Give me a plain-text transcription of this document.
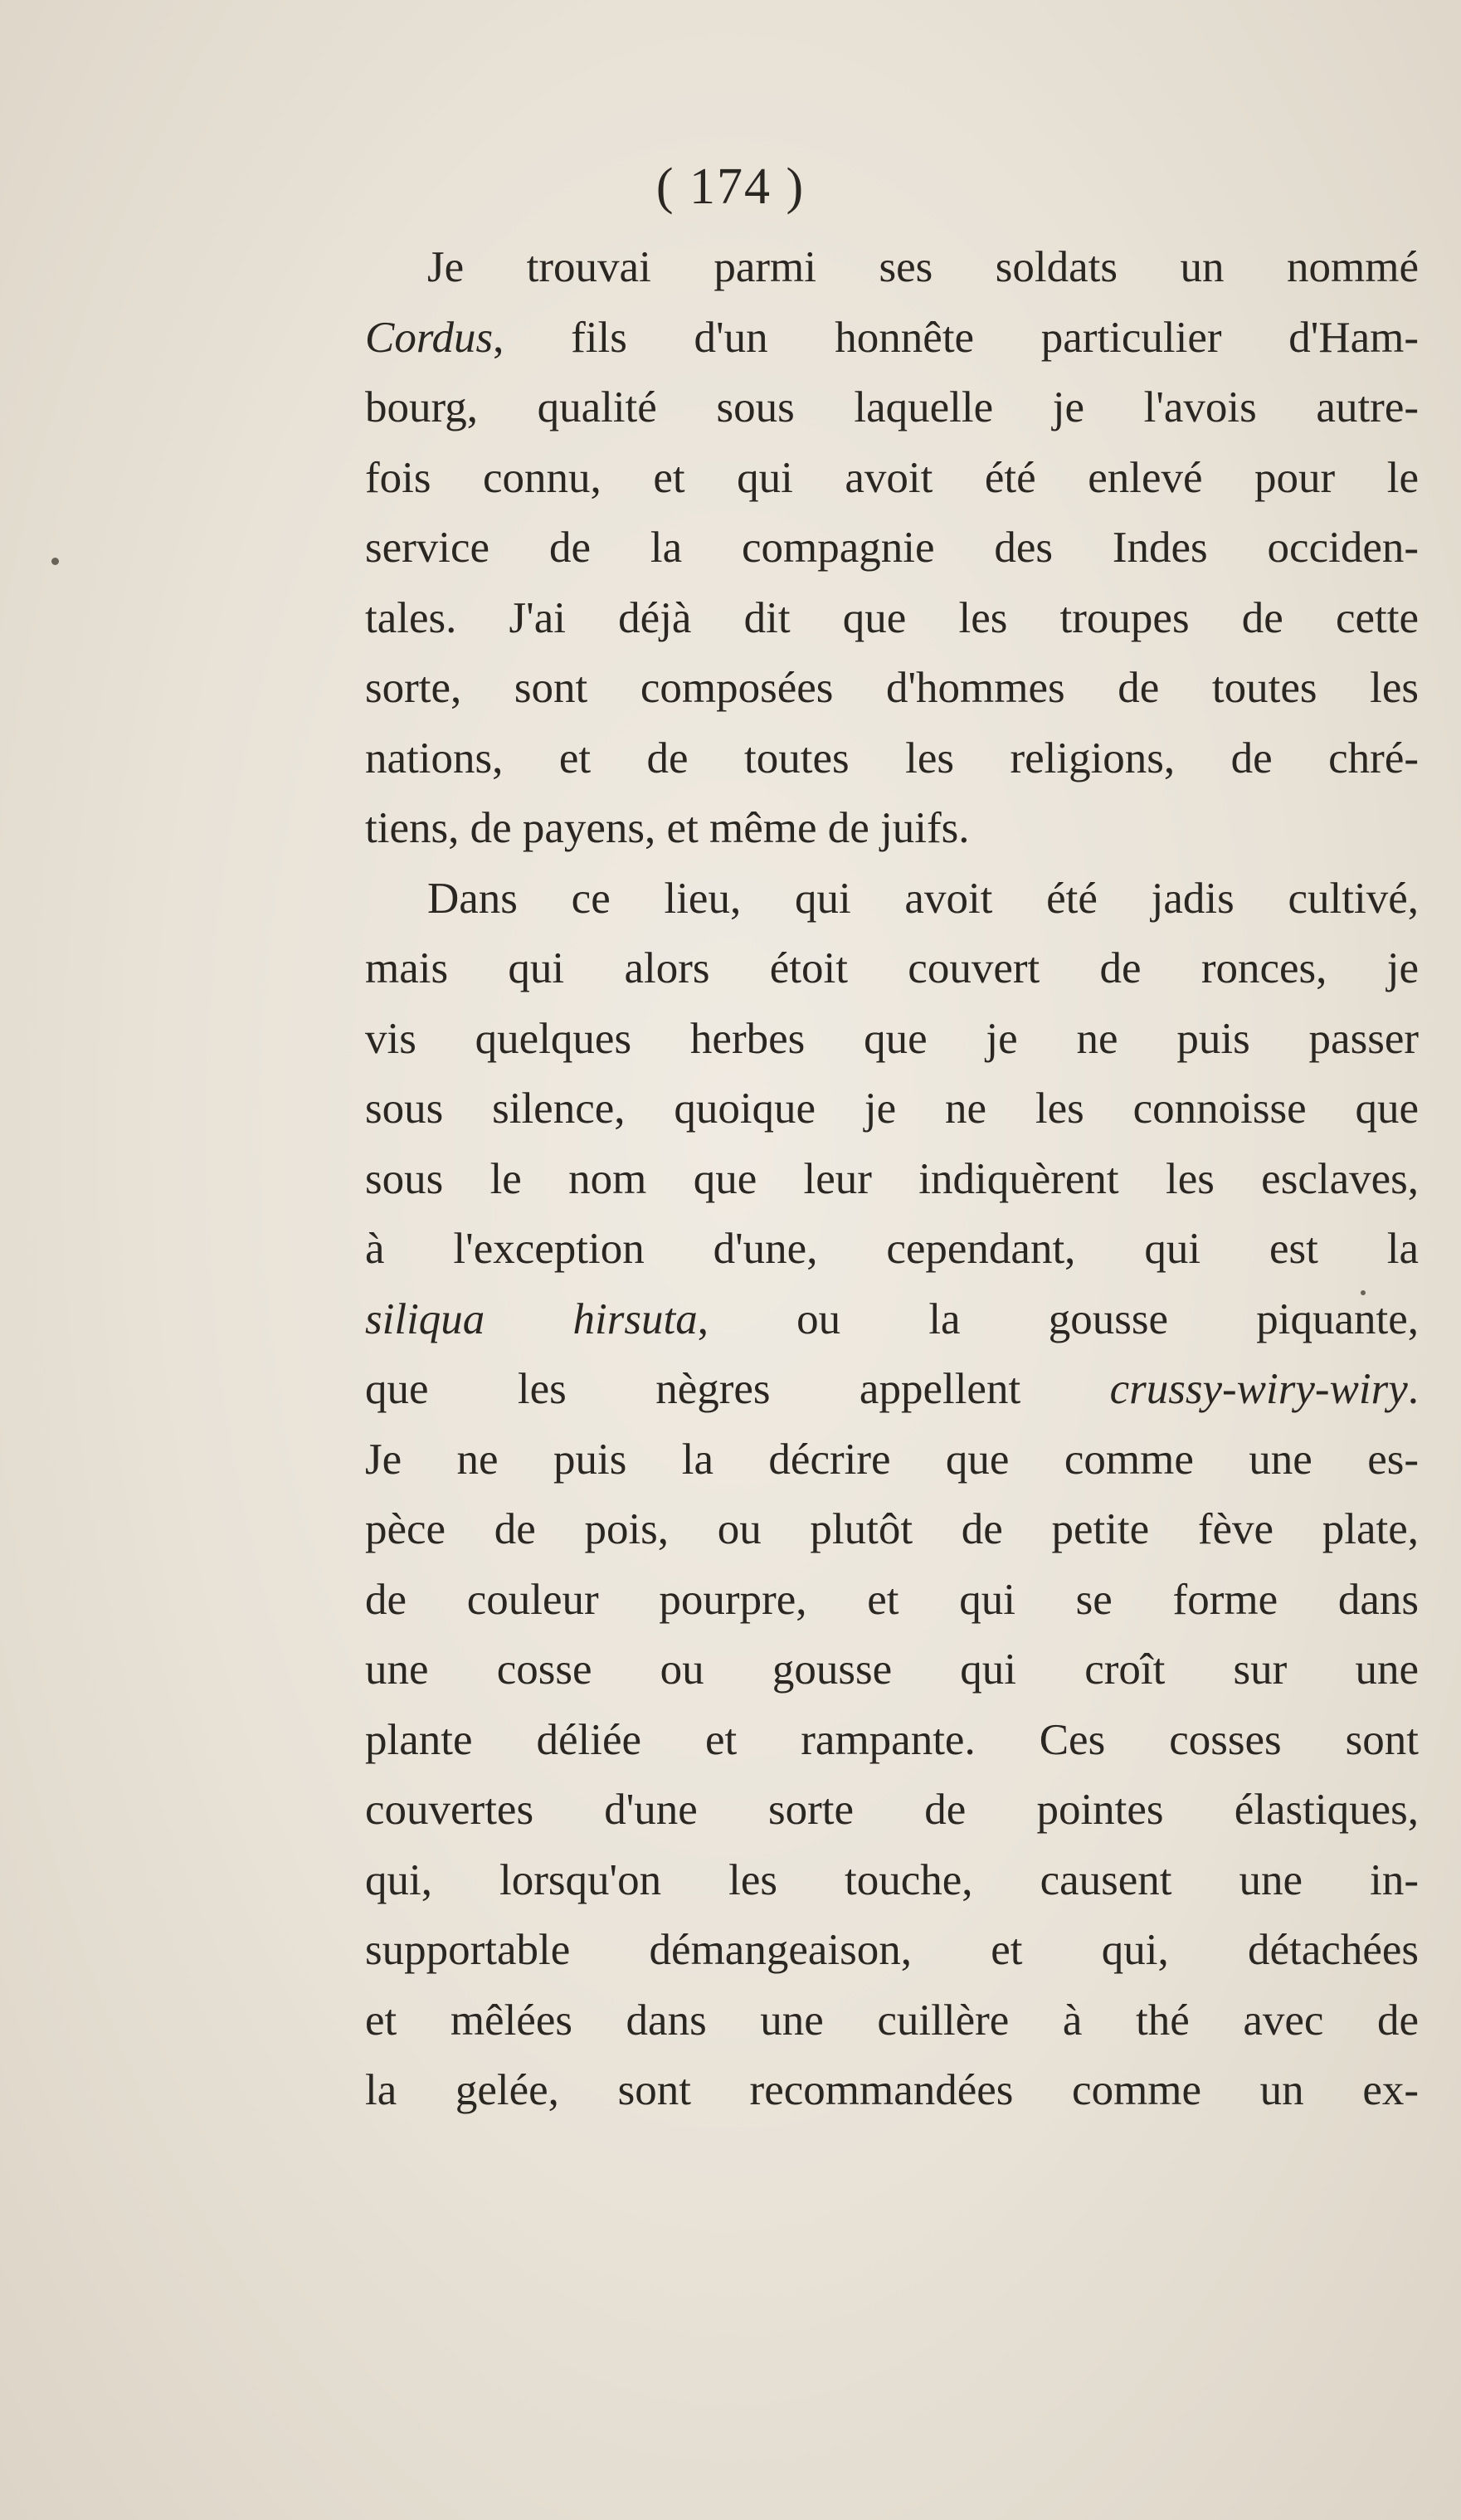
( 174 )
Je trouvai parmi ses soldats un nommé
Cordus, fils d'un honnête particulier d'Ham-
bourg, qualité sous laquelle je l'avois autre-
fois connu, et qui avoit été enlevé pour le
service de la compagnie des Indes occiden-
tales. J'ai déjà dit que les troupes de cette
sorte, sont composées d'hommes de toutes les
nations, et de toutes les religions, de chré-
tiens, de payens, et même de juifs.
Dans ce lieu, qui avoit été jadis cultivé,
mais qui alors étoit couvert de ronces, je
vis quelques herbes que je ne puis passer
sous silence, quoique je ne les connoisse que
sous le nom que leur indiquèrent les esclaves,
à l'exception d'une, cependant, qui est la
siliqua hirsuta, ou la gousse piquante,
que les nègres appellent crussy-wiry-wiry.
Je ne puis la décrire que comme une es-
pèce de pois, ou plutôt de petite fève plate,
de couleur pourpre, et qui se forme dans
une cosse ou gousse qui croît sur une
plante déliée et rampante. Ces cosses sont
couvertes d'une sorte de pointes élastiques,
qui, lorsqu'on les touche, causent une in-
supportable démangeaison, et qui, détachées
et mêlées dans une cuillère à thé avec de
la gelée, sont recommandées comme un ex-
